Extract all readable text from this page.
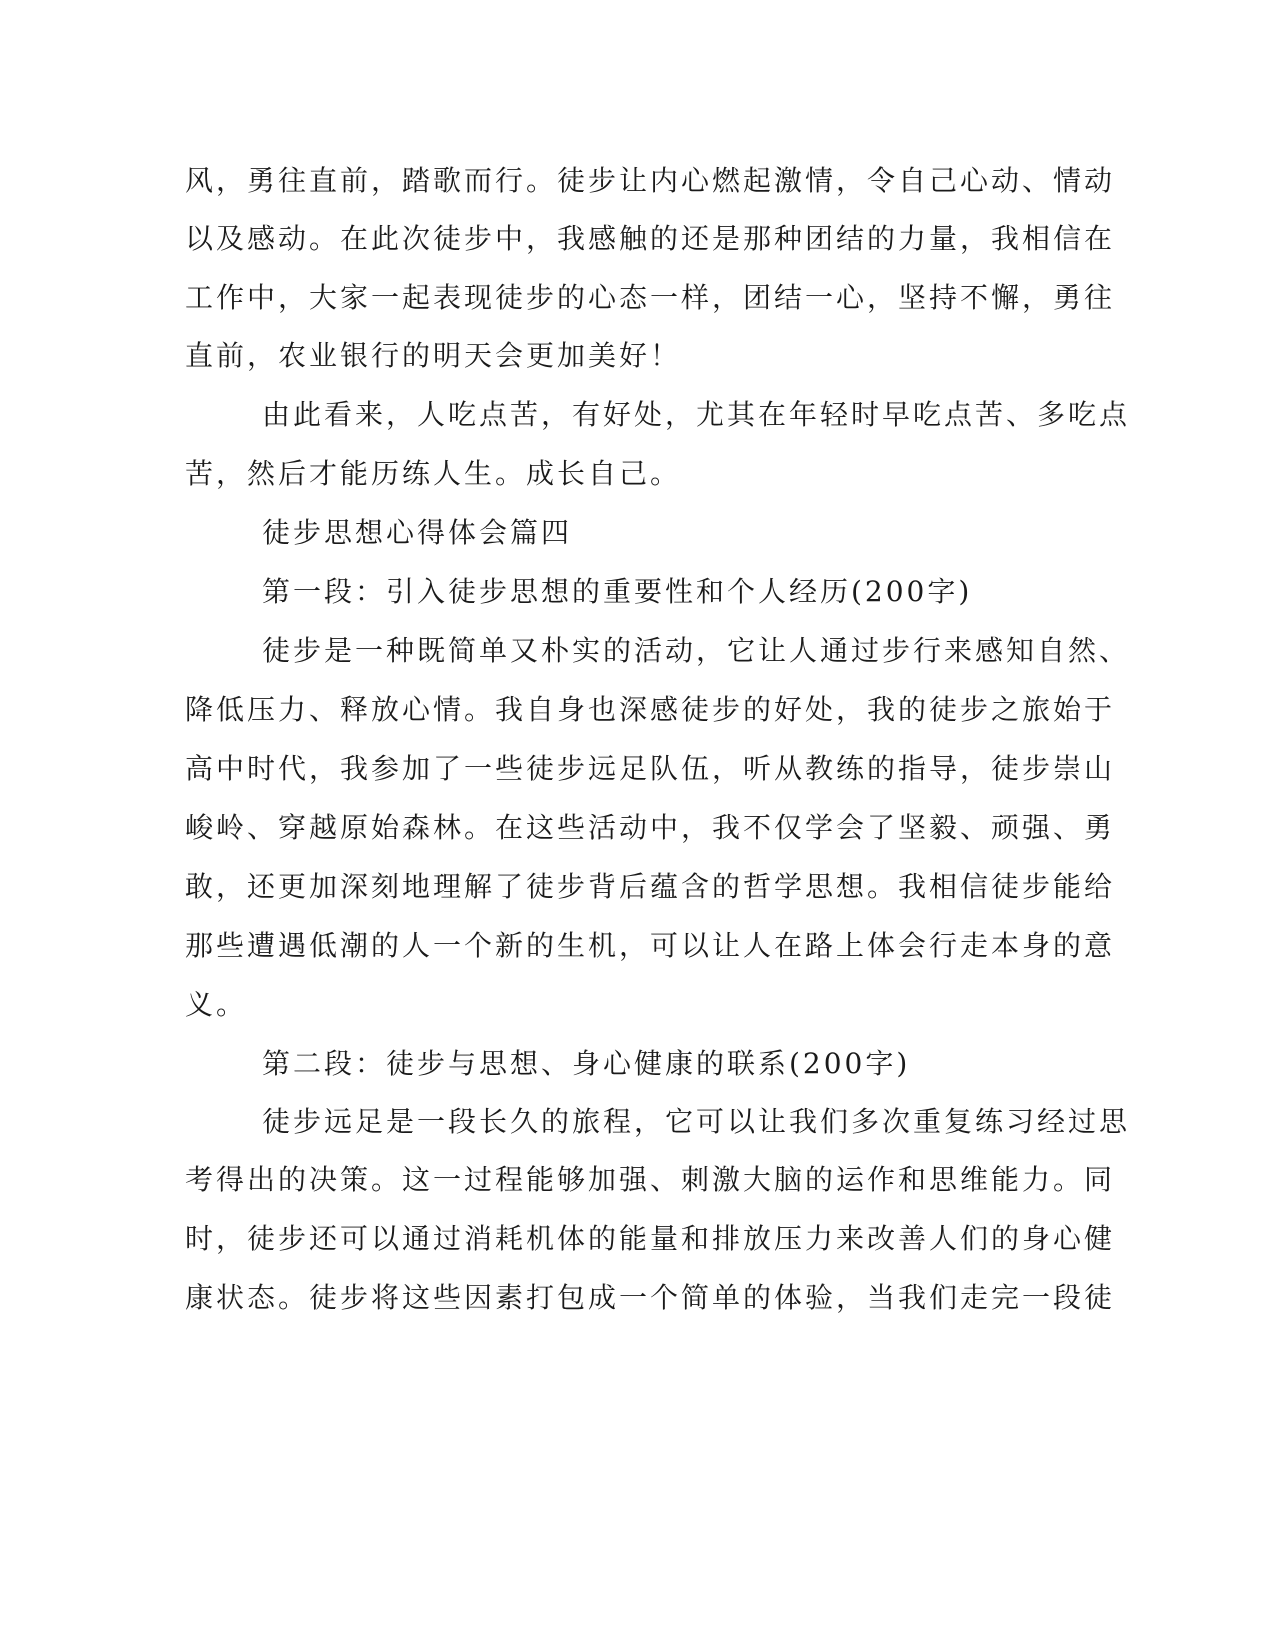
风，勇往直前，踏歌而行。徒步让内心燃起激情，令自己心动、情动
以及感动。在此次徒步中，我感触的还是那种团结的力量，我相信在
工作中，大家一起表现徒步的心态一样，团结一心，坚持不懈，勇往
直前，农业银行的明天会更加美好！
由此看来，人吃点苦，有好处，尤其在年轻时早吃点苦、多吃点
苦，然后才能历练人生。成长自己。
徒步思想心得体会篇四
第一段：引入徒步思想的重要性和个人经历(200字)
徒步是一种既简单又朴实的活动，它让人通过步行来感知自然、
降低压力、释放心情。我自身也深感徒步的好处，我的徒步之旅始于
高中时代，我参加了一些徒步远足队伍，听从教练的指导，徒步崇山
峻岭、穿越原始森林。在这些活动中，我不仅学会了坚毅、顽强、勇
敢，还更加深刻地理解了徒步背后蕴含的哲学思想。我相信徒步能给
那些遭遇低潮的人一个新的生机，可以让人在路上体会行走本身的意
义。
第二段：徒步与思想、身心健康的联系(200字)
徒步远足是一段长久的旅程，它可以让我们多次重复练习经过思
考得出的决策。这一过程能够加强、刺激大脑的运作和思维能力。同
时，徒步还可以通过消耗机体的能量和排放压力来改善人们的身心健
康状态。徒步将这些因素打包成一个简单的体验，当我们走完一段徒
